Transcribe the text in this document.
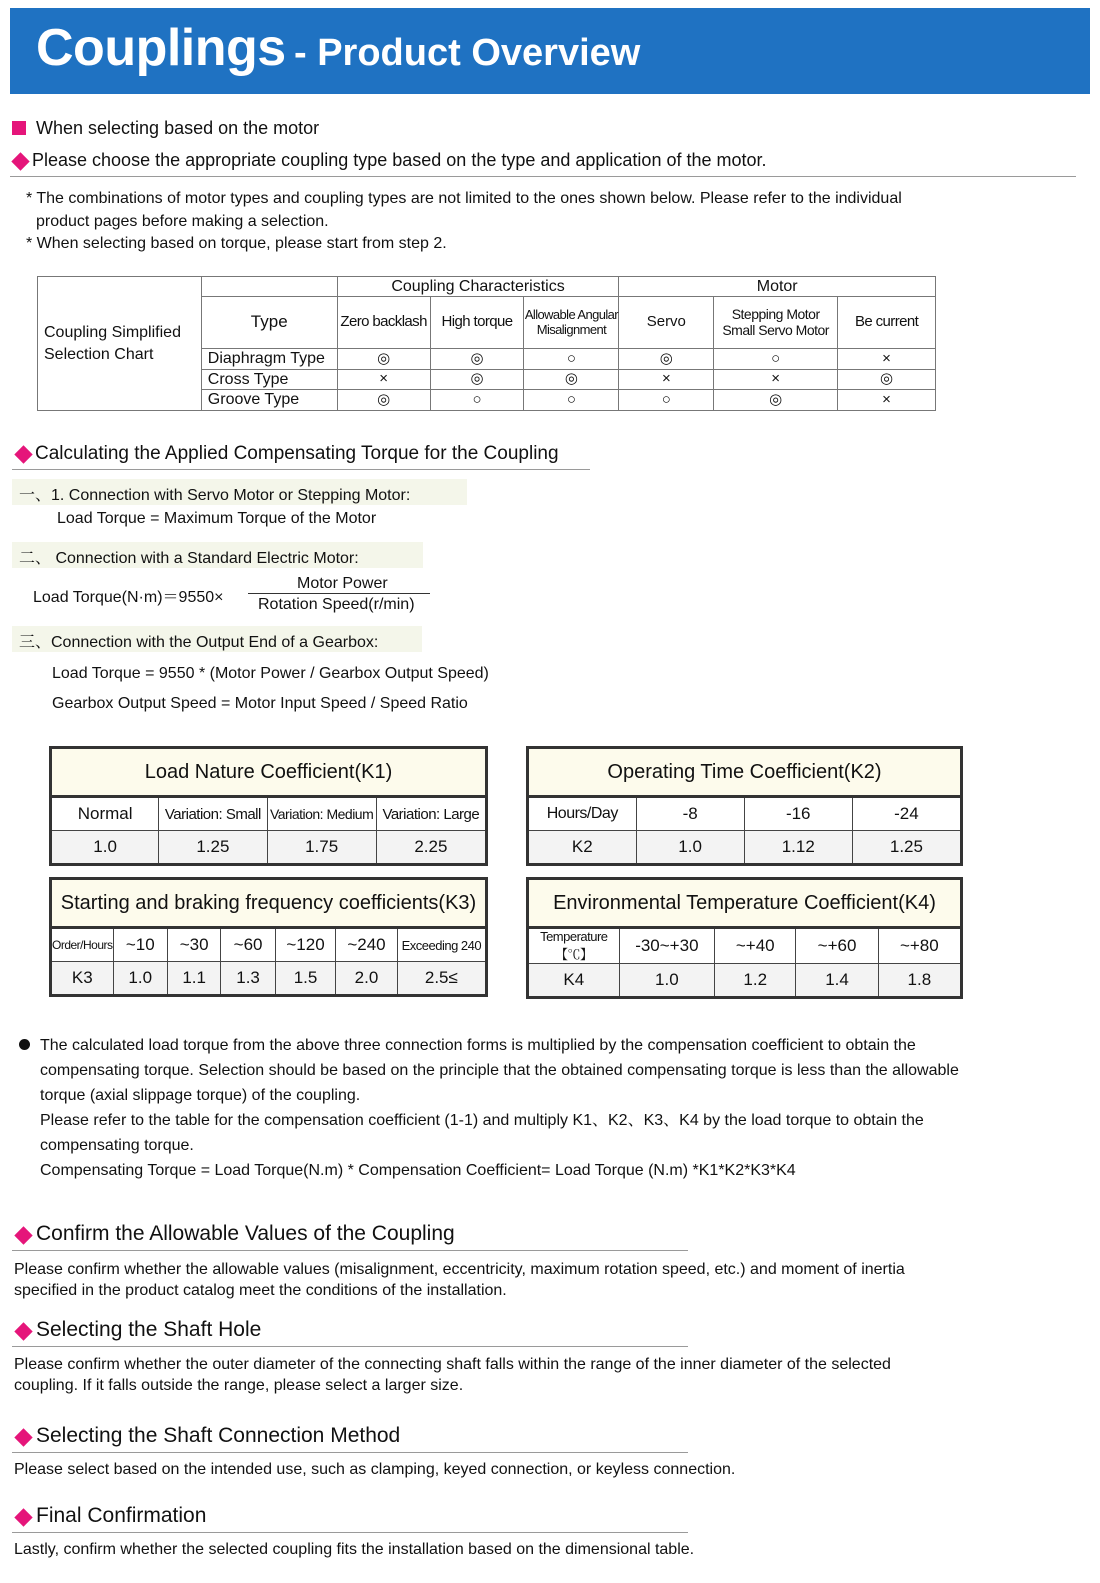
Couplings - Product Overview
When selecting based on the motor
Please choose the appropriate coupling type based on the type and application of the motor.
* The combinations of motor types and coupling types are not limited to the ones shown below. Please refer to the individual
product pages before making a selection.
* When selecting based on torque, please start from step 2.
Coupling Simplified
Selection Chart		Coupling Characteristics			Motor		
	Type	Zero backlash	High torque	Allowable Angular Misalignment	Servo	Stepping Motor Small Servo Motor	Be current
	Diaphragm Type	◎	◎	○	◎	○	×
	Cross Type	×	◎	◎	×	×	◎
	Groove Type	◎	○	○	○	◎	×
Calculating the Applied Compensating Torque for the Coupling
一、1. Connection with Servo Motor or Stepping Motor:
Load Torque = Maximum Torque of the Motor
二、 Connection with a Standard Electric Motor:
Load Torque(N·m)＝9550×
Motor Power
Rotation Speed(r/min)
三、Connection with the Output End of a Gearbox:
Load Torque = 9550 * (Motor Power / Gearbox Output Speed)
Gearbox Output Speed = Motor Input Speed / Speed Ratio
Load Nature Coefficient(K1)			
Normal	Variation: Small	Variation: Medium	Variation: Large
1.0	1.25	1.75	2.25
Operating Time Coefficient(K2)			
Hours/Day	-8	-16	-24
K2	1.0	1.12	1.25
Starting and braking frequency coefficients(K3)						
Order/Hours	~10	~30	~60	~120	~240	Exceeding 240
K3	1.0	1.1	1.3	1.5	2.0	2.5≤
Environmental Temperature Coefficient(K4)				
Temperature【℃】	-30~+30	~+40	~+60	~+80
K4	1.0	1.2	1.4	1.8
The calculated load torque from the above three connection forms is multiplied by the compensation coefficient to obtain the
compensating torque. Selection should be based on the principle that the obtained compensating torque is less than the allowable
torque (axial slippage torque) of the coupling.
Please refer to the table for the compensation coefficient (1-1) and multiply K1、K2、K3、K4 by the load torque to obtain the
compensating torque.
Compensating Torque = Load Torque(N.m) * Compensation Coefficient= Load Torque (N.m) *K1*K2*K3*K4
Confirm the Allowable Values of the Coupling
Please confirm whether the allowable values (misalignment, eccentricity, maximum rotation speed, etc.) and moment of inertia
specified in the product catalog meet the conditions of the installation.
Selecting the Shaft Hole
Please confirm whether the outer diameter of the connecting shaft falls within the range of the inner diameter of the selected
coupling. If it falls outside the range, please select a larger size.
Selecting the Shaft Connection Method
Please select based on the intended use, such as clamping, keyed connection, or keyless connection.
Final Confirmation
Lastly, confirm whether the selected coupling fits the installation based on the dimensional table.
